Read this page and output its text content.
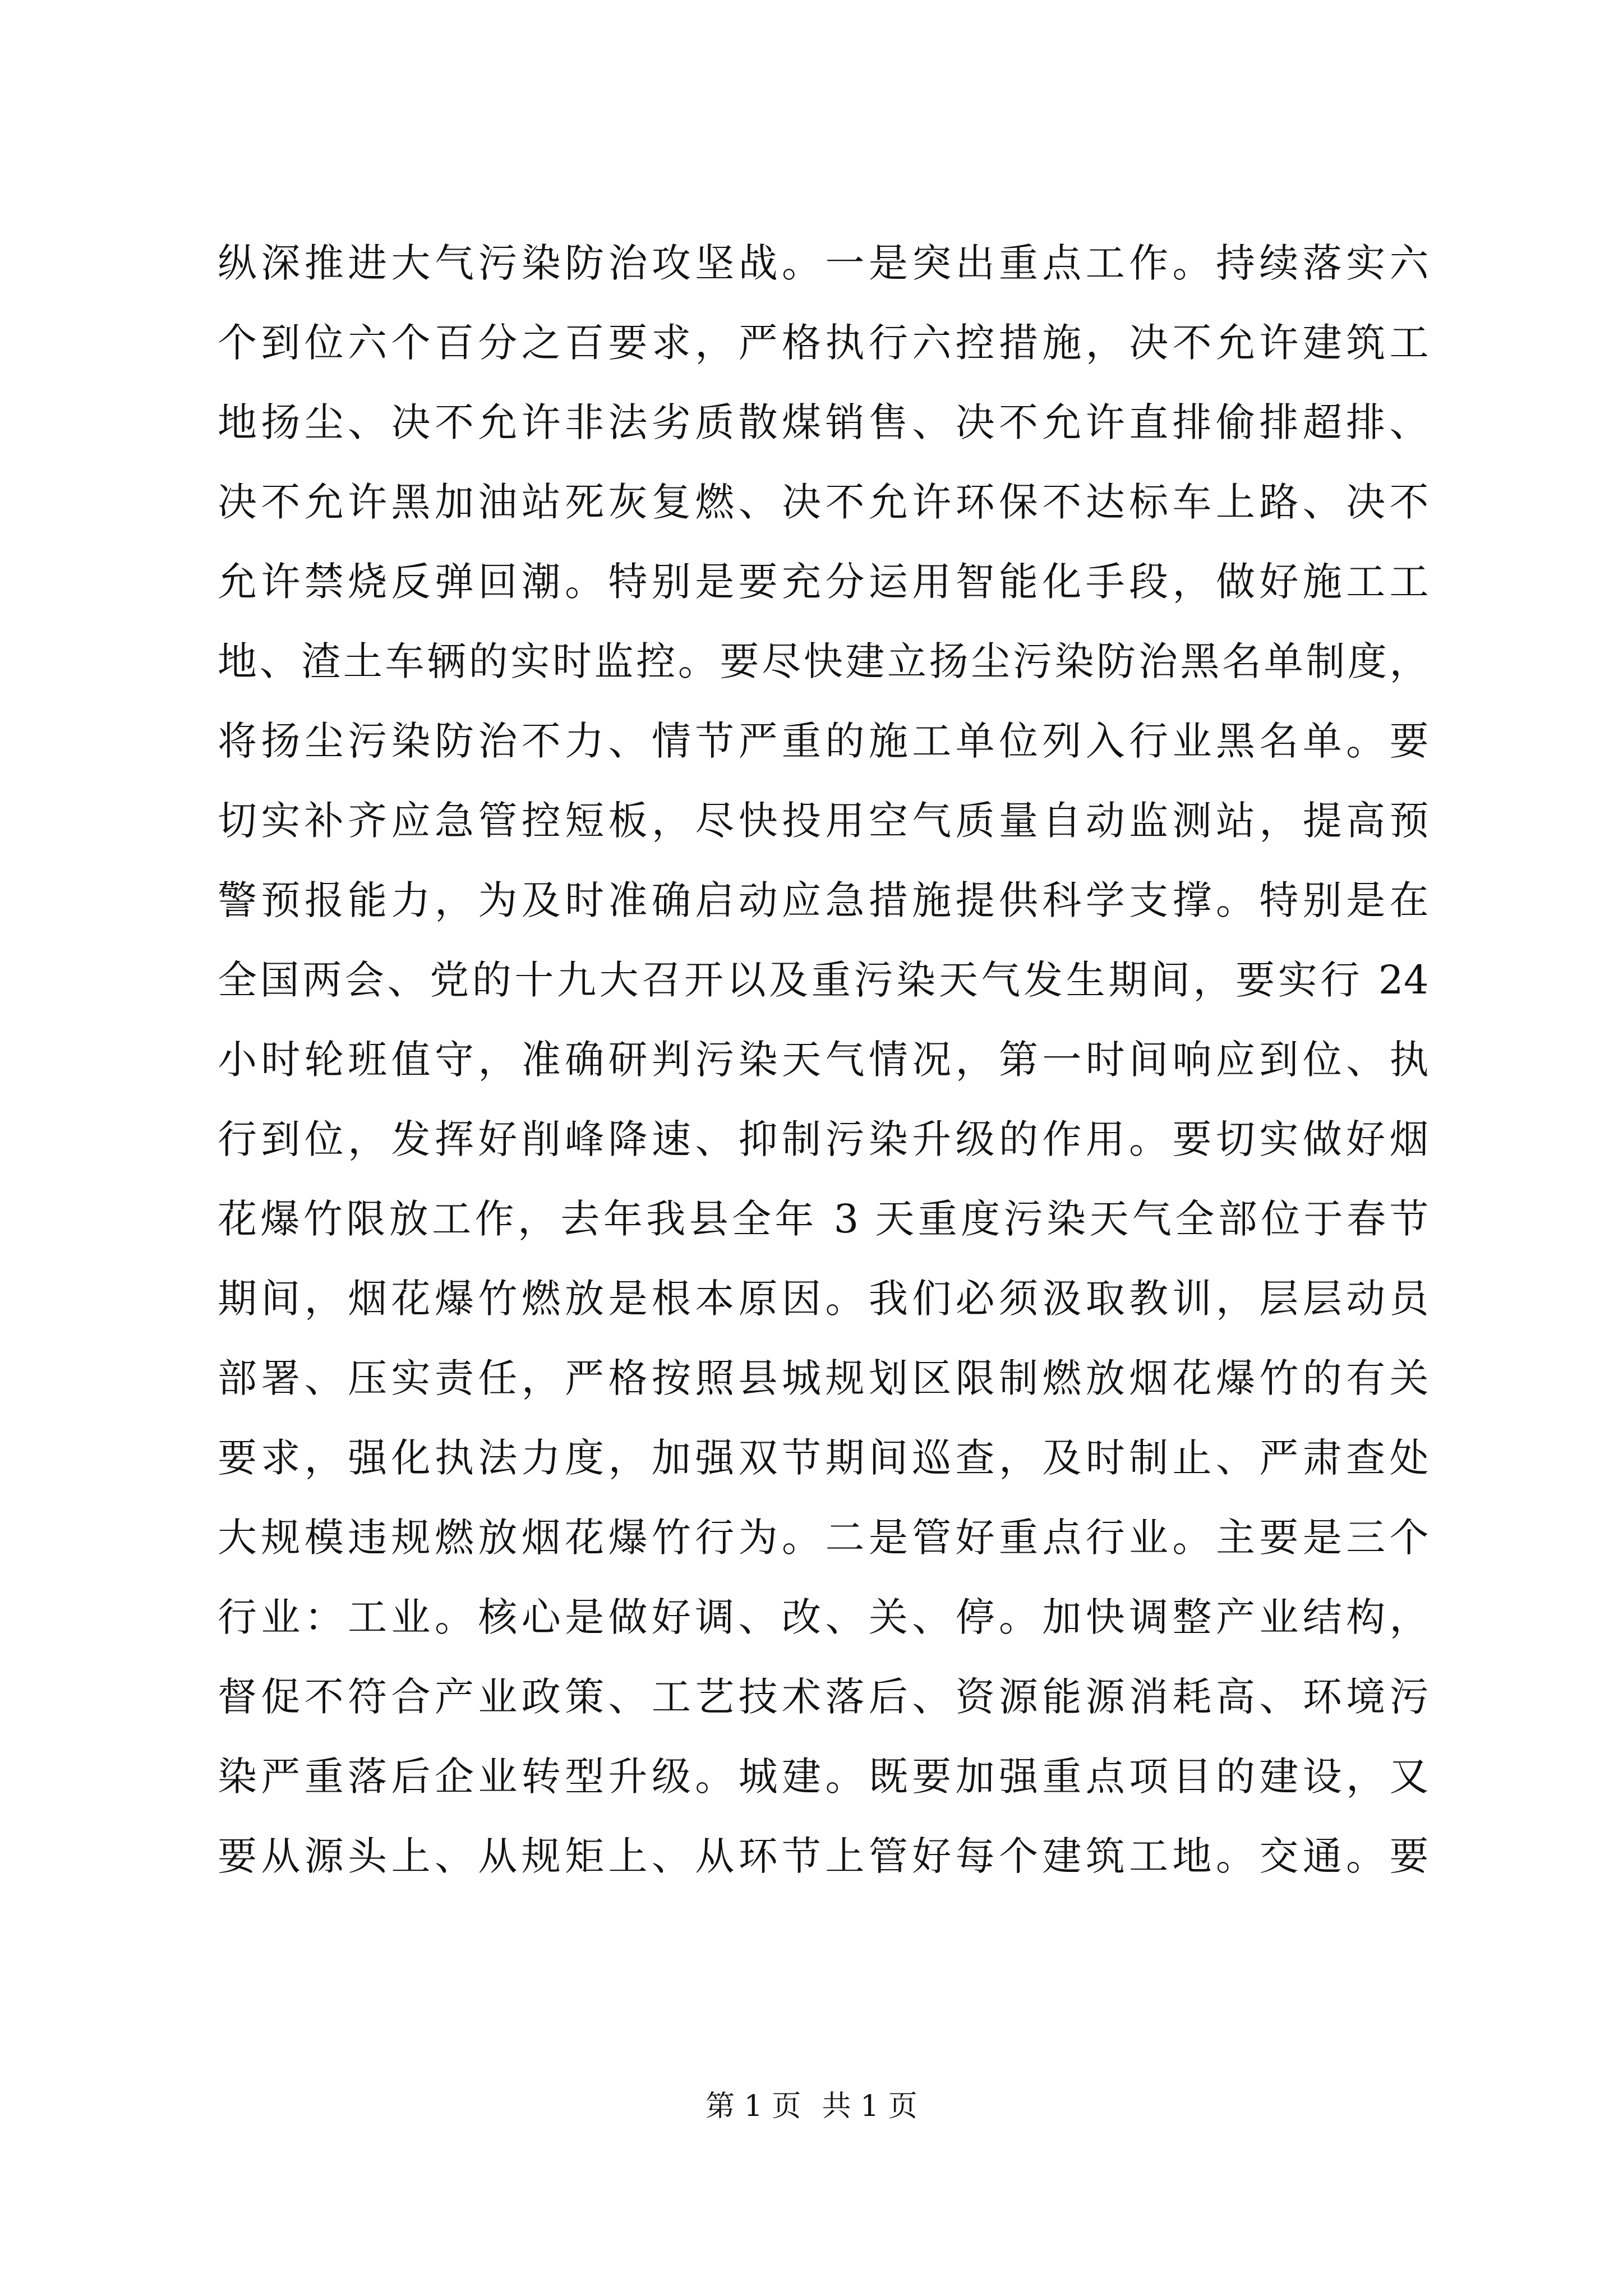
纵深推进大气污染防治攻坚战。一是突出重点工作。持续落实六
个到位六个百分之百要求，严格执行六控措施，决不允许建筑工
地扬尘、决不允许非法劣质散煤销售、决不允许直排偷排超排、
决不允许黑加油站死灰复燃、决不允许环保不达标车上路、决不
允许禁烧反弹回潮。特别是要充分运用智能化手段，做好施工工
地、渣土车辆的实时监控。要尽快建立扬尘污染防治黑名单制度，
将扬尘污染防治不力、情节严重的施工单位列入行业黑名单。要
切实补齐应急管控短板，尽快投用空气质量自动监测站，提高预
警预报能力，为及时准确启动应急措施提供科学支撑。特别是在
全国两会、党的十九大召开以及重污染天气发生期间，要实行 24
小时轮班值守，准确研判污染天气情况，第一时间响应到位、执
行到位，发挥好削峰降速、抑制污染升级的作用。要切实做好烟
花爆竹限放工作，去年我县全年 3 天重度污染天气全部位于春节
期间，烟花爆竹燃放是根本原因。我们必须汲取教训，层层动员
部署、压实责任，严格按照县城规划区限制燃放烟花爆竹的有关
要求，强化执法力度，加强双节期间巡查，及时制止、严肃查处
大规模违规燃放烟花爆竹行为。二是管好重点行业。主要是三个
行业：工业。核心是做好调、改、关、停。加快调整产业结构，
督促不符合产业政策、工艺技术落后、资源能源消耗高、环境污
染严重落后企业转型升级。城建。既要加强重点项目的建设，又
要从源头上、从规矩上、从环节上管好每个建筑工地。交通。要
第 1 页 共 1 页
